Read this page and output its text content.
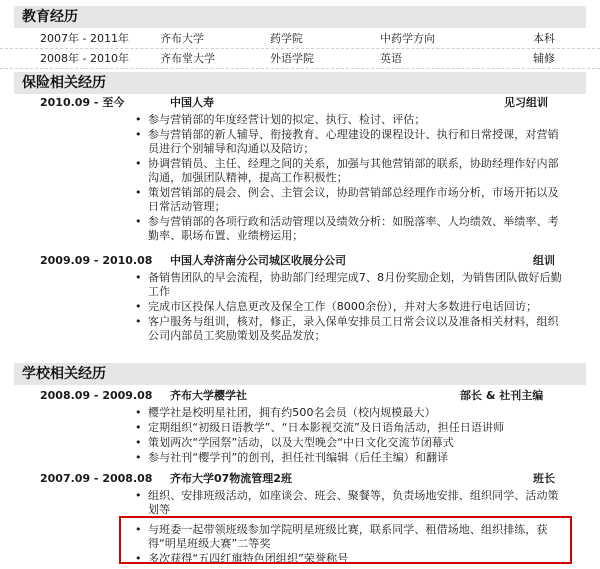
教育经历
2007年 - 2011年	齐布大学	药学院	中药学方向	本科
2008年 - 2010年	齐布堂大学	外语学院	英语	辅修
保险相关经历
2010.09 - 至今	中国人寿	见习组训
• 参与营销部的年度经营计划的拟定、执行、检讨、评估；
• 参与营销部的新人辅导、衔接教育、心理建设的课程设计、执行和日常授课，对营销员进行个别辅导和沟通以及陪访；
• 协调营销员、主任、经理之间的关系，加强与其他营销部的联系，协助经理作好内部沟通，加强团队精神，提高工作积极性；
• 策划营销部的晨会、例会、主管会议，协助营销部总经理作市场分析，市场开拓以及日常活动管理；
• 参与营销部的各项行政和活动管理以及绩效分析：如脱落率、人均绩效、举绩率、考勤率、职场布置、业绩榜运用；
2009.09 - 2010.08 中国人寿济南分公司城区收展分公司	组训
• 备销售团队的早会流程，协助部门经理完成7、8月份奖励企划，为销售团队做好后勤工作
• 完成市区投保人信息更改及保全工作（8000余份），并对大多数进行电话回访；
• 客户服务与组训，核对，修正，录入保单安排员工日常会议以及准备相关材料，组织公司内部员工奖励策划及奖品发放；
学校相关经历
2008.09 - 2009.08 齐布大学樱学社	部长 & 社刊主编
• 樱学社是校明星社团，拥有约500名会员（校内规模最大）
• 定期组织“初级日语教学”、“日本影视交流”及日语角活动，担任日语讲师
• 策划两次“学园祭”活动，以及大型晚会“中日文化交流节闭幕式
• 参与社刊“樱学刊”的创刊，担任社刊编辑（后任主编）和翻译
2007.09 - 2008.08 齐布大学07物流管理2班	班长
• 组织、安排班级活动，如座谈会、班会、聚餐等，负责场地安排、组织同学、活动策划等
• 与班委一起带领班级参加学院明星班级比赛，联系同学、租借场地、组织排练，获得“明星班级大赛”二等奖
• 多次获得“五四红旗特色团组织”荣誉称号
